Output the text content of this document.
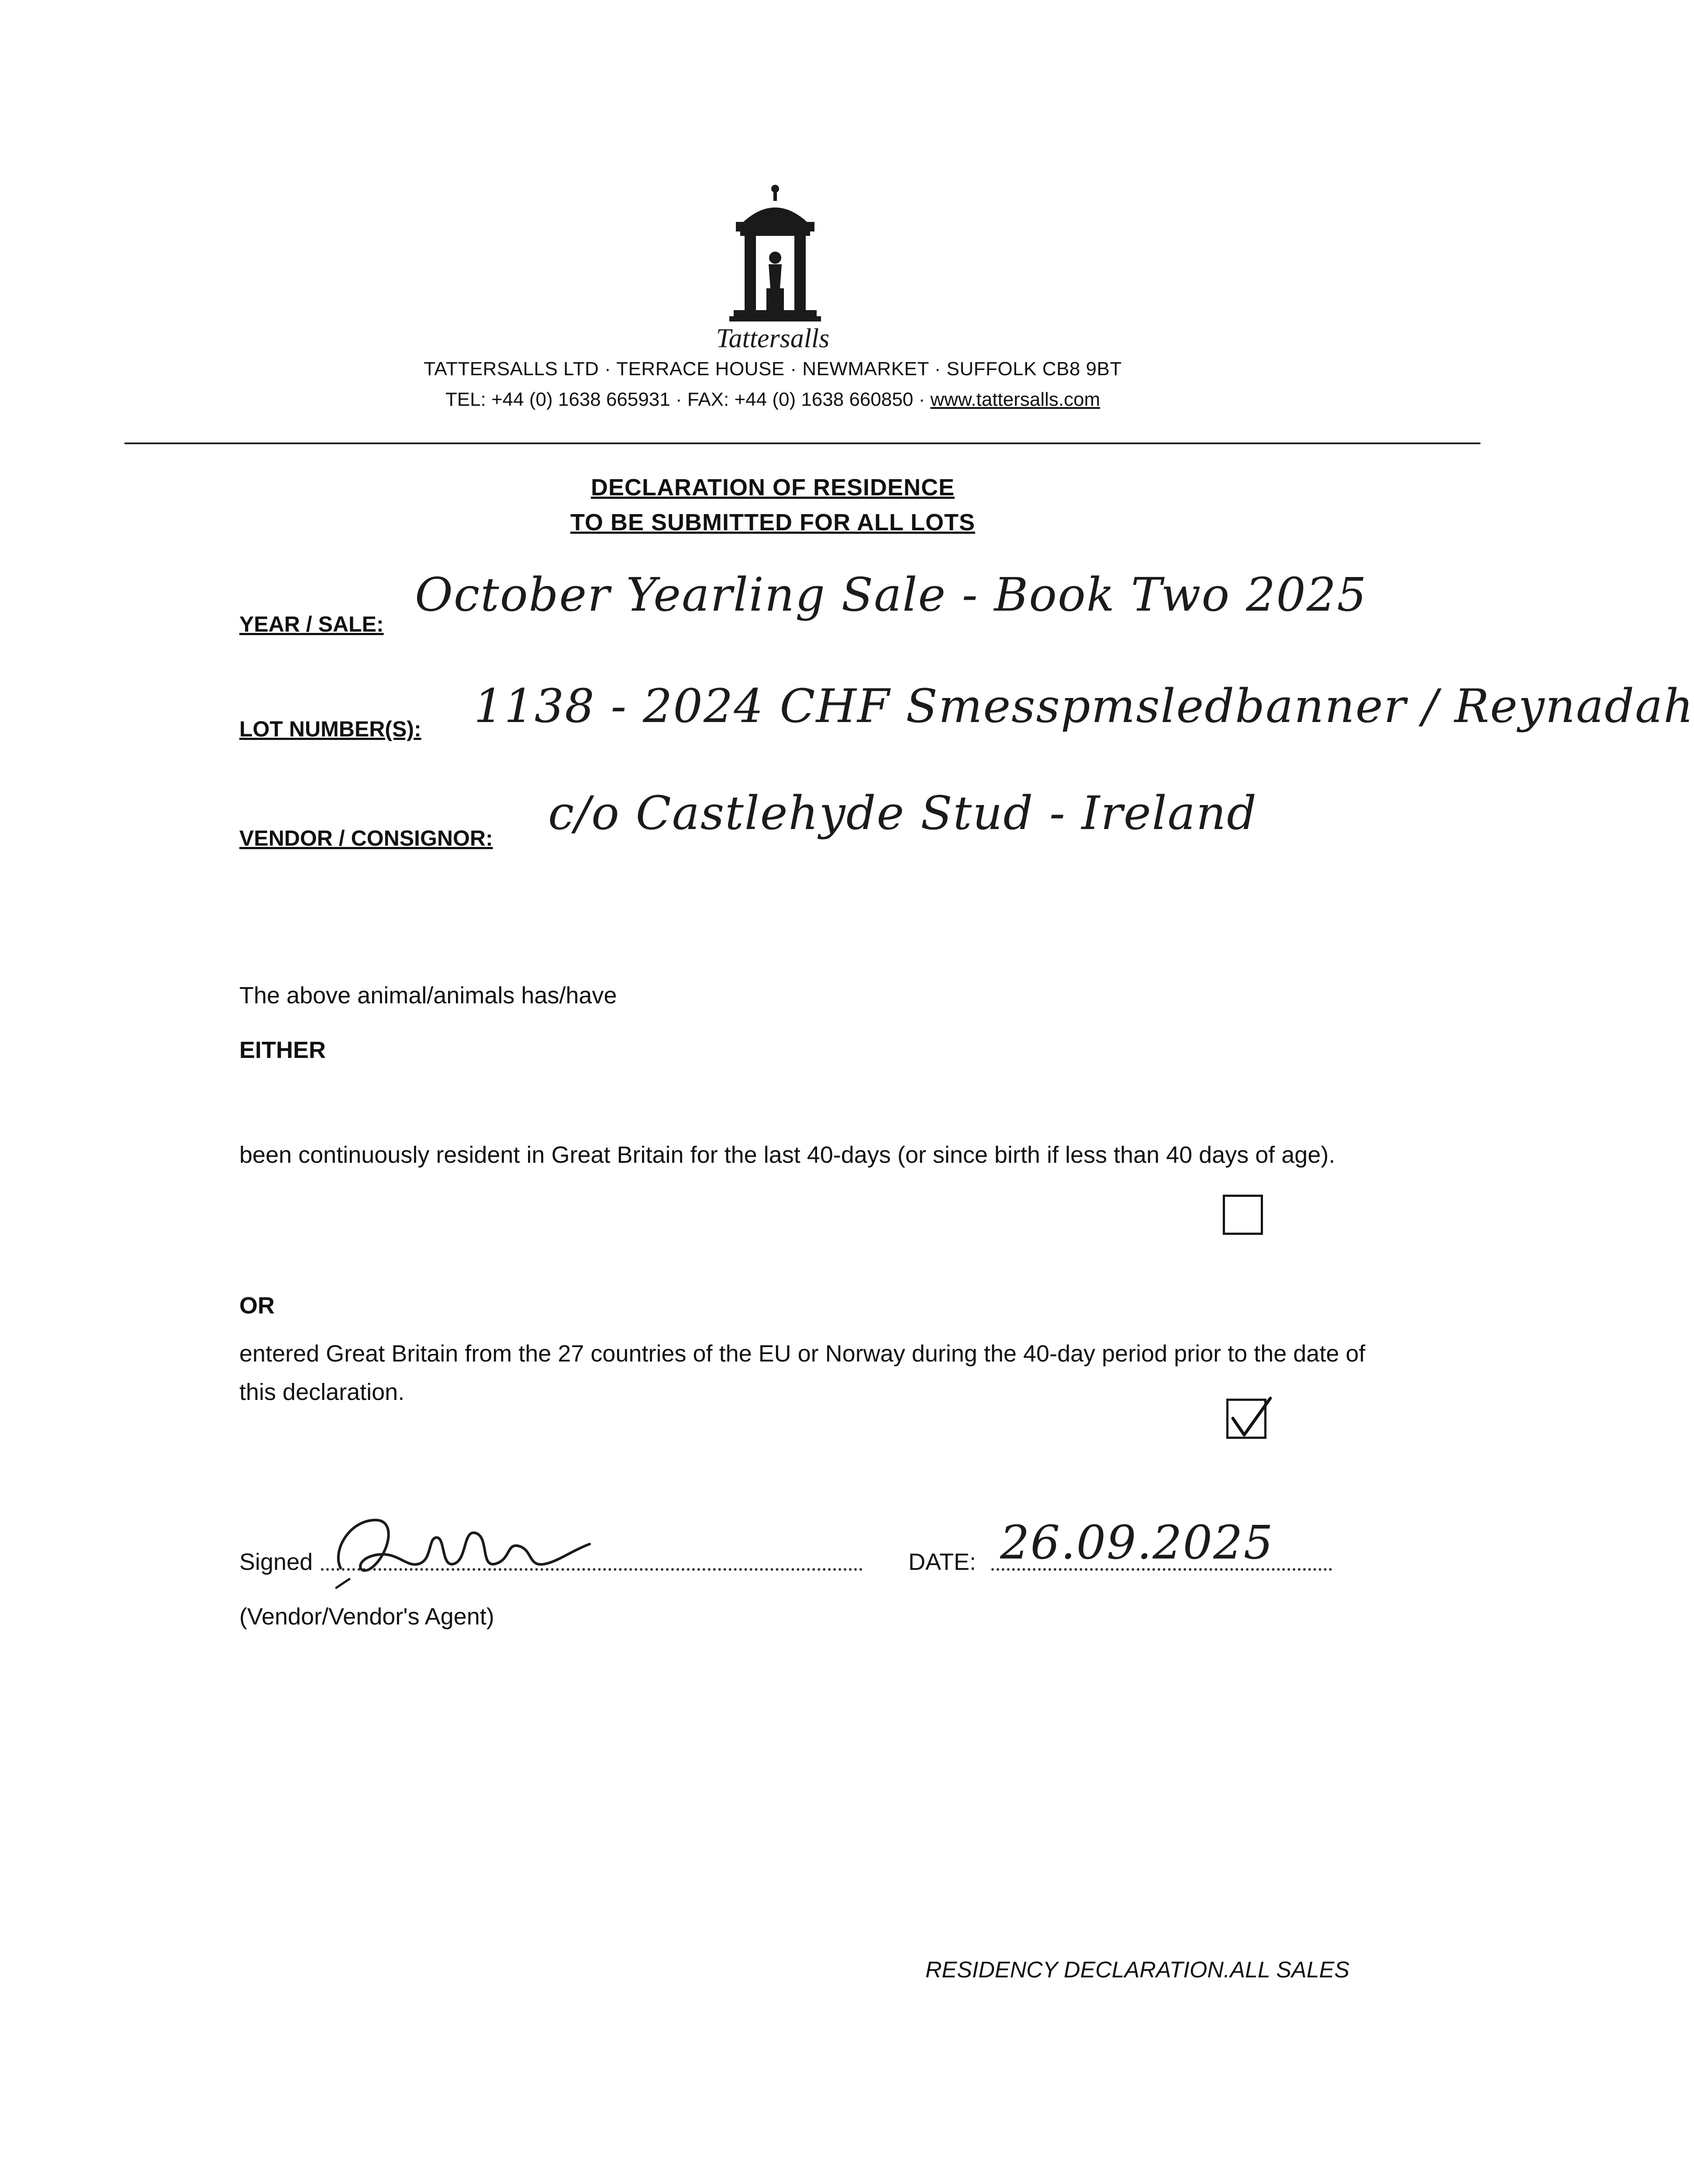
Tattersalls
TATTERSALLS LTD · TERRACE HOUSE · NEWMARKET · SUFFOLK CB8 9BT
TEL: +44 (0) 1638 665931 · FAX: +44 (0) 1638 660850 · www.tattersalls.com
DECLARATION OF RESIDENCE
TO BE SUBMITTED FOR ALL LOTS
YEAR / SALE:
October Yearling Sale - Book Two 2025
LOT NUMBER(S): 1138 - 2024 CHF Smesspmsledbanner / Reynadah
VENDOR / CONSIGNOR: c/o Castlehyde Stud - Ireland
The above animal/animals has/have
EITHER
been continuously resident in Great Britain for the last 40-days (or since birth if less than 40 days of age).
OR
entered Great Britain from the 27 countries of the EU or Norway during the 40-day period prior to the date of this declaration.
Signed	DATE: 26.09.2025
(Vendor/Vendor's Agent)
RESIDENCY DECLARATION.ALL SALES
